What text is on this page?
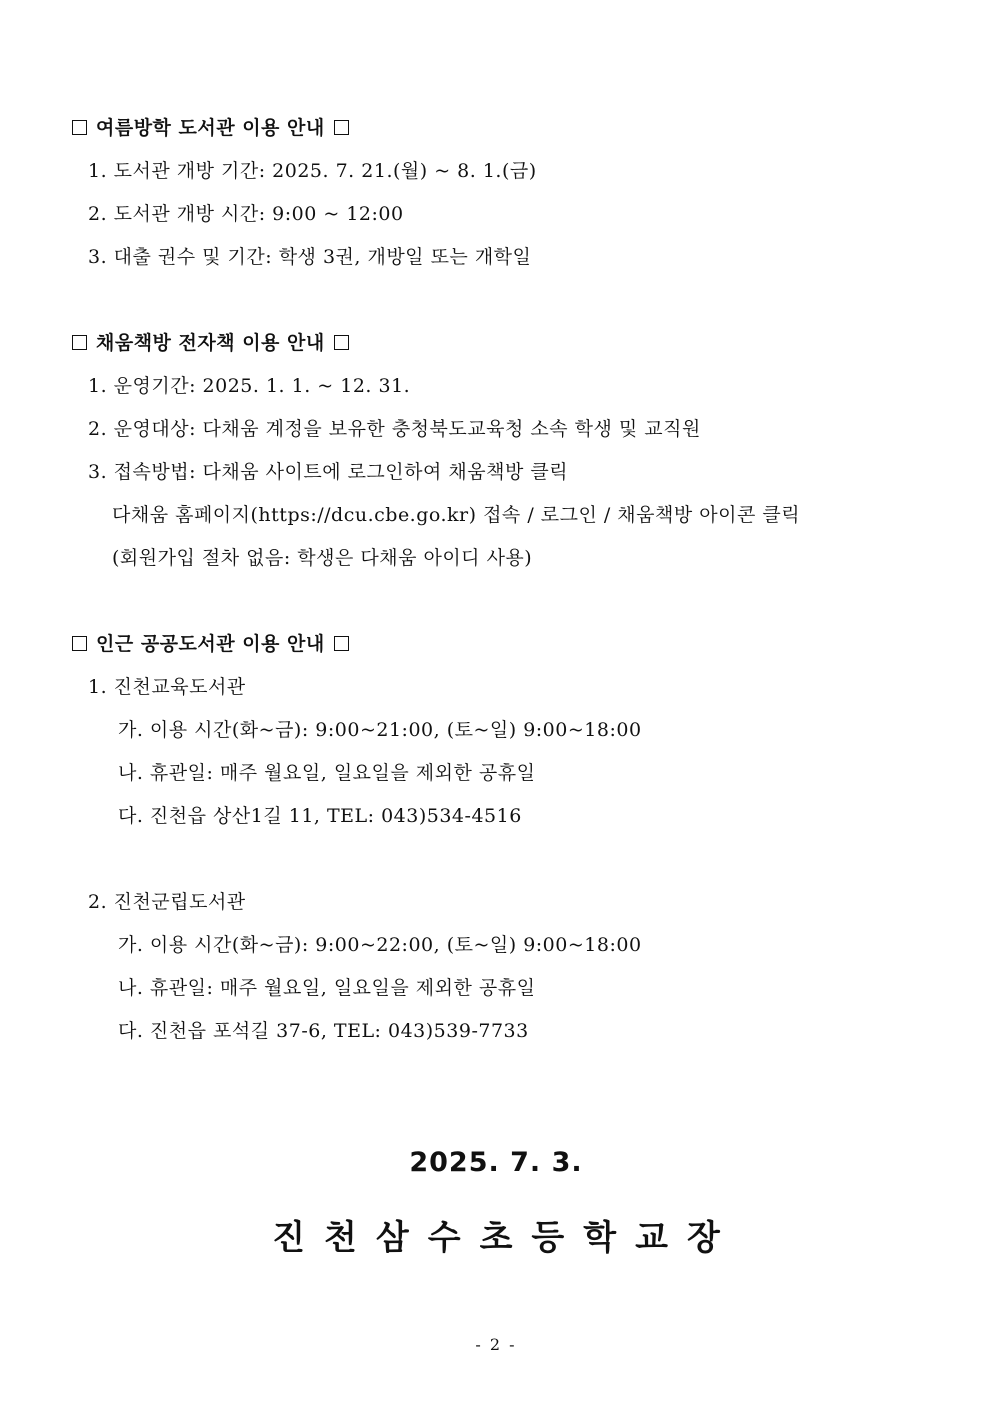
여름방학 도서관 이용 안내
1. 도서관 개방 기간: 2025. 7. 21.(월) ~ 8. 1.(금)
2. 도서관 개방 시간: 9:00 ~ 12:00
3. 대출 권수 및 기간: 학생 3권, 개방일 또는 개학일
채움책방 전자책 이용 안내
1. 운영기간: 2025. 1. 1. ~ 12. 31.
2. 운영대상: 다채움 계정을 보유한 충청북도교육청 소속 학생 및 교직원
3. 접속방법: 다채움 사이트에 로그인하여 채움책방 클릭
다채움 홈페이지(https://dcu.cbe.go.kr) 접속 / 로그인 / 채움책방 아이콘 클릭
(회원가입 절차 없음: 학생은 다채움 아이디 사용)
인근 공공도서관 이용 안내
1. 진천교육도서관
가. 이용 시간(화~금): 9:00~21:00, (토~일) 9:00~18:00
나. 휴관일: 매주 월요일, 일요일을 제외한 공휴일
다. 진천읍 상산1길 11, TEL: 043)534-4516
2. 진천군립도서관
가. 이용 시간(화~금): 9:00~22:00, (토~일) 9:00~18:00
나. 휴관일: 매주 월요일, 일요일을 제외한 공휴일
다. 진천읍 포석길 37-6, TEL: 043)539-7733
2025. 7. 3.
진천삼수초등학교장
- 2 -
